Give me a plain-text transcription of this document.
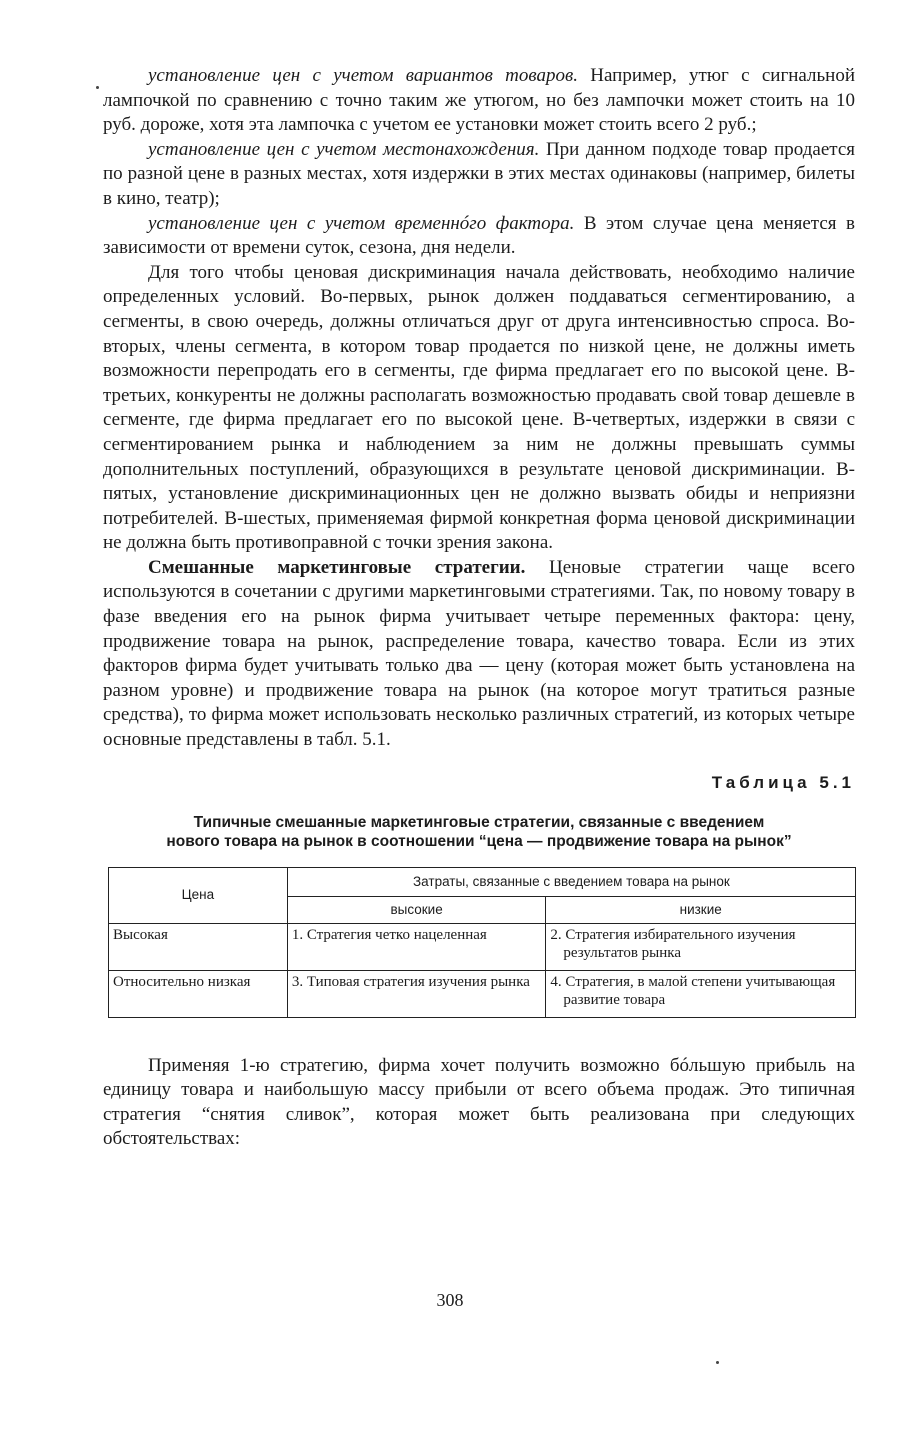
установление цен с учетом вариантов товаров. Например, утюг с сигнальной лампочкой по сравнению с точно таким же утюгом, но без лампочки может стоить на 10 руб. дороже, хотя эта лампочка с учетом ее установки может стоить всего 2 руб.;

установление цен с учетом местонахождения. При данном подходе товар продается по разной цене в разных местах, хотя издержки в этих местах одинаковы (например, билеты в кино, театр);

установление цен с учетом временнóго фактора. В этом случае цена меняется в зависимости от времени суток, сезона, дня недели.

Для того чтобы ценовая дискриминация начала действовать, необходимо наличие определенных условий. Во-первых, рынок должен поддаваться сегментированию, а сегменты, в свою очередь, должны отличаться друг от друга интенсивностью спроса. Во-вторых, члены сегмента, в котором товар продается по низкой цене, не должны иметь возможности перепродать его в сегменты, где фирма предлагает его по высокой цене. В-третьих, конкуренты не должны располагать возможностью продавать свой товар дешевле в сегменте, где фирма предлагает его по высокой цене. В-четвертых, издержки в связи с сегментированием рынка и наблюдением за ним не должны превышать суммы дополнительных поступлений, образующихся в результате ценовой дискриминации. В-пятых, установление дискриминационных цен не должно вызвать обиды и неприязни потребителей. В-шестых, применяемая фирмой конкретная форма ценовой дискриминации не должна быть противоправной с точки зрения закона.

Смешанные маркетинговые стратегии. Ценовые стратегии чаще всего используются в сочетании с другими маркетинговыми стратегиями. Так, по новому товару в фазе введения его на рынок фирма учитывает четыре переменных фактора: цену, продвижение товара на рынок, распределение товара, качество товара. Если из этих факторов фирма будет учитывать только два — цену (которая может быть установлена на разном уровне) и продвижение товара на рынок (на которое могут тратиться разные средства), то фирма может использовать несколько различных стратегий, из которых четыре основные представлены в табл. 5.1.

Таблица 5.1
Типичные смешанные маркетинговые стратегии, связанные с введением
нового товара на рынок в соотношении “цена — продвижение товара на рынок”
Цена	Затраты, связанные с введением товара на рынок	
	высокие	низкие
Высокая	1. Стратегия четко нацеленная	2. Стратегия избирательного изучения результатов рынка

Относительно низкая	3. Типовая стратегия изучения рынка	4. Стратегия, в малой степени учитывающая развитие товара

Применяя 1-ю стратегию, фирма хочет получить возможно бóльшую прибыль на единицу товара и наибольшую массу прибыли от всего объема продаж. Это типичная стратегия “снятия сливок”, которая может быть реализована при следующих обстоятельствах:

308
